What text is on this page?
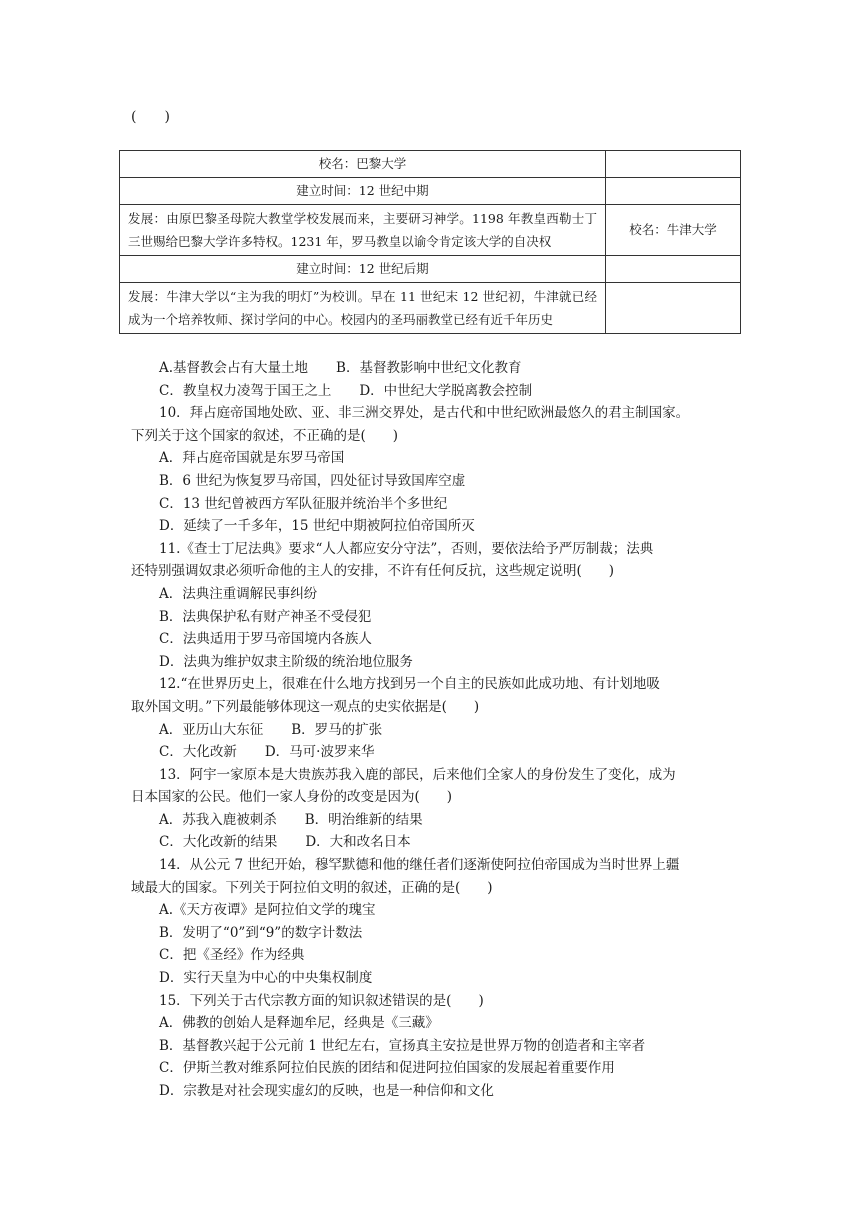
(　　)
校名：巴黎大学	
建立时间：12 世纪中期	
发展：由原巴黎圣母院大教堂学校发展而来，主要研习神学。1198 年教皇西勒士丁三世赐给巴黎大学许多特权。1231 年，罗马教皇以谕令肯定该大学的自决权	校名：牛津大学
建立时间：12 世纪后期	
发展：牛津大学以“主为我的明灯”为校训。早在 11 世纪末 12 世纪初，牛津就已经成为一个培养牧师、探讨学问的中心。校园内的圣玛丽教堂已经有近千年历史	
A.基督教会占有大量土地 B．基督教影响中世纪文化教育
C．教皇权力凌驾于国王之上 D．中世纪大学脱离教会控制
10．拜占庭帝国地处欧、亚、非三洲交界处，是古代和中世纪欧洲最悠久的君主制国家。
下列关于这个国家的叙述，不正确的是(　　)
A．拜占庭帝国就是东罗马帝国
B．6 世纪为恢复罗马帝国，四处征讨导致国库空虚
C．13 世纪曾被西方军队征服并统治半个多世纪
D．延续了一千多年，15 世纪中期被阿拉伯帝国所灭
11.《查士丁尼法典》要求“人人都应安分守法”，否则，要依法给予严厉制裁；法典
还特别强调奴隶必须听命他的主人的安排，不许有任何反抗，这些规定说明(　　)
A．法典注重调解民事纠纷
B．法典保护私有财产神圣不受侵犯
C．法典适用于罗马帝国境内各族人
D．法典为维护奴隶主阶级的统治地位服务
12.“在世界历史上，很难在什么地方找到另一个自主的民族如此成功地、有计划地吸
取外国文明。”下列最能够体现这一观点的史实依据是(　　)
A．亚历山大东征 B．罗马的扩张
C．大化改新 D．马可·波罗来华
13．阿宇一家原本是大贵族苏我入鹿的部民，后来他们全家人的身份发生了变化，成为
日本国家的公民。他们一家人身份的改变是因为(　　)
A．苏我入鹿被刺杀 B．明治维新的结果
C．大化改新的结果 D．大和改名日本
14．从公元 7 世纪开始，穆罕默德和他的继任者们逐渐使阿拉伯帝国成为当时世界上疆
域最大的国家。下列关于阿拉伯文明的叙述，正确的是(　　)
A.《天方夜谭》是阿拉伯文学的瑰宝
B．发明了“0”到“9”的数字计数法
C．把《圣经》作为经典
D．实行天皇为中心的中央集权制度
15．下列关于古代宗教方面的知识叙述错误的是(　　)
A．佛教的创始人是释迦牟尼，经典是《三藏》
B．基督教兴起于公元前 1 世纪左右，宣扬真主安拉是世界万物的创造者和主宰者
C．伊斯兰教对维系阿拉伯民族的团结和促进阿拉伯国家的发展起着重要作用
D．宗教是对社会现实虚幻的反映，也是一种信仰和文化
